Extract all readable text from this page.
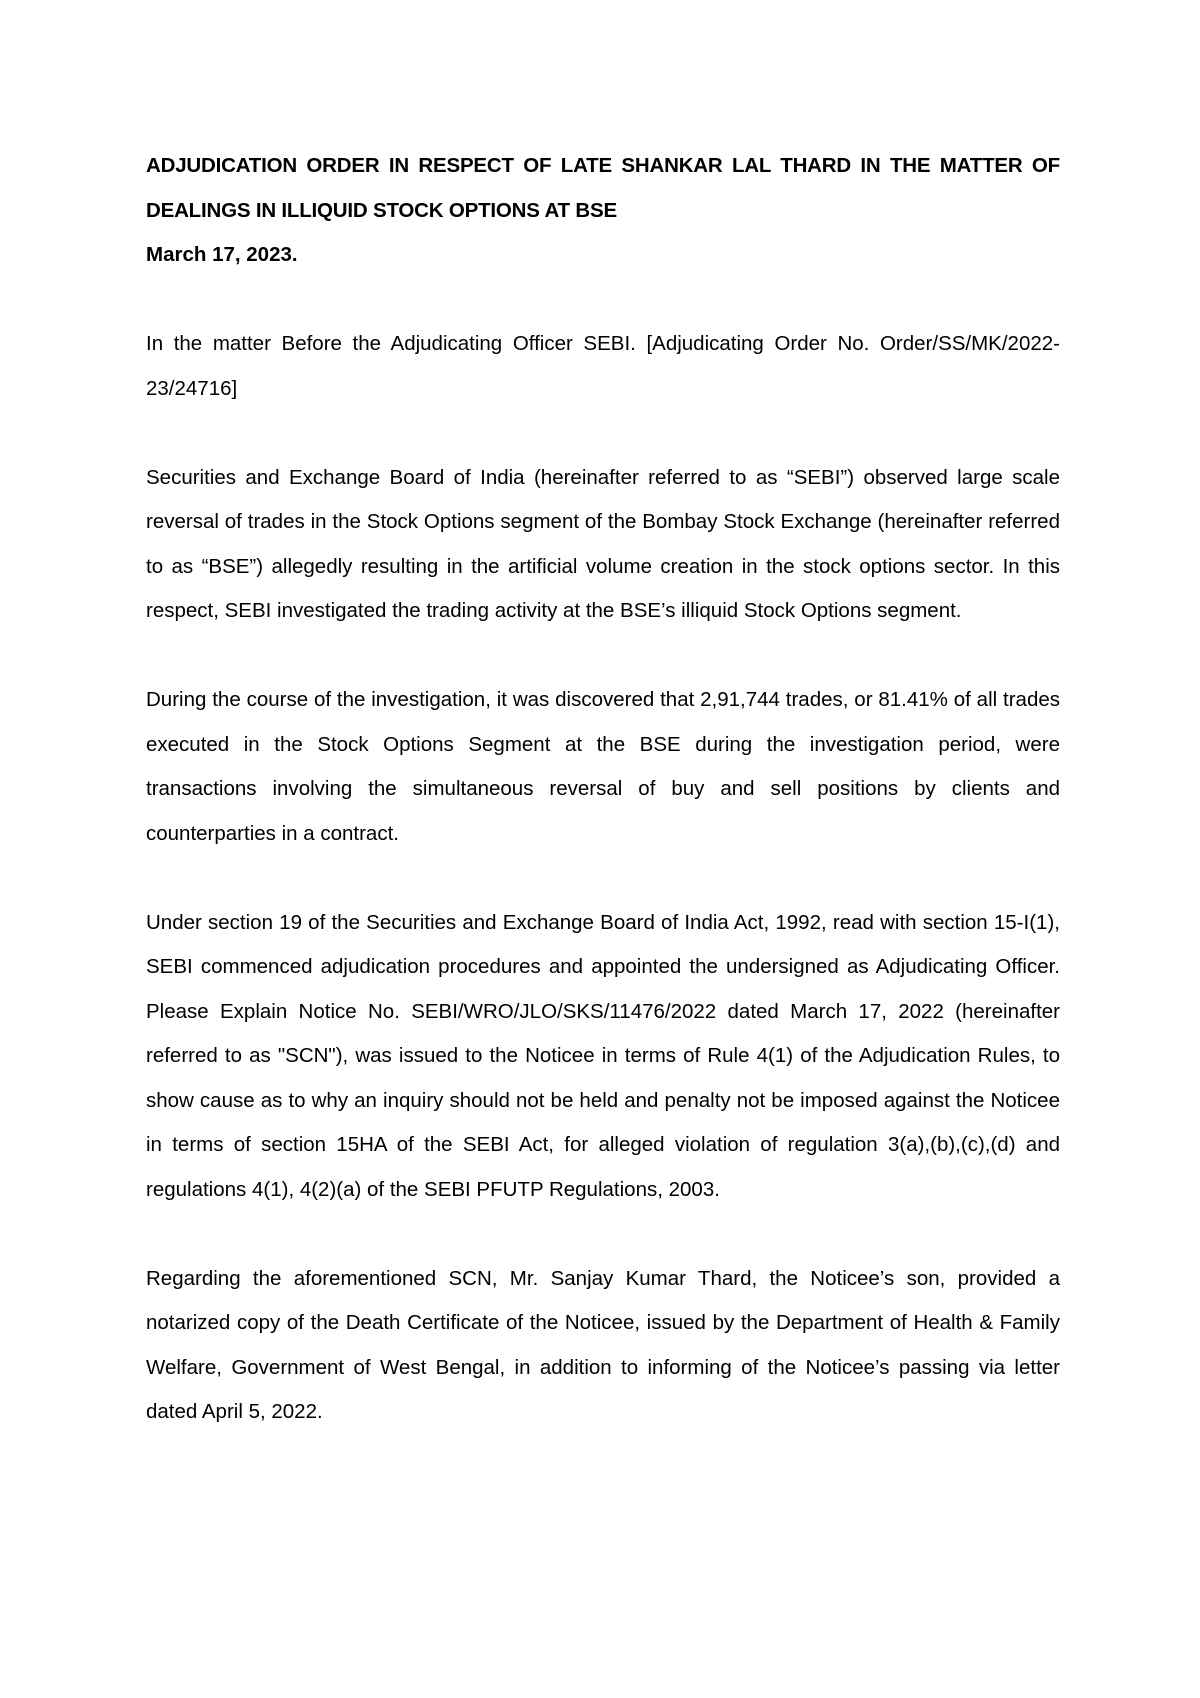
ADJUDICATION ORDER IN RESPECT OF LATE SHANKAR LAL THARD IN THE MATTER OF DEALINGS IN ILLIQUID STOCK OPTIONS AT BSE

March 17, 2023.

In the matter Before the Adjudicating Officer SEBI. [Adjudicating Order No. Order/SS/MK/2022-23/24716]

Securities and Exchange Board of India (hereinafter referred to as “SEBI”) observed large scale reversal of trades in the Stock Options segment of the Bombay Stock Exchange (hereinafter referred to as “BSE”) allegedly resulting in the artificial volume creation in the stock options sector. In this respect, SEBI investigated the trading activity at the BSE’s illiquid Stock Options segment.

During the course of the investigation, it was discovered that 2,91,744 trades, or 81.41% of all trades executed in the Stock Options Segment at the BSE during the investigation period, were transactions involving the simultaneous reversal of buy and sell positions by clients and counterparties in a contract.

Under section 19 of the Securities and Exchange Board of India Act, 1992, read with section 15-I(1), SEBI commenced adjudication procedures and appointed the undersigned as Adjudicating Officer. Please Explain Notice No. SEBI/WRO/JLO/SKS/11476/2022 dated March 17, 2022 (hereinafter referred to as "SCN"), was issued to the Noticee in terms of Rule 4(1) of the Adjudication Rules, to show cause as to why an inquiry should not be held and penalty not be imposed against the Noticee in terms of section 15HA of the SEBI Act, for alleged violation of regulation 3(a),(b),(c),(d) and regulations 4(1), 4(2)(a) of the SEBI PFUTP Regulations, 2003.

Regarding the aforementioned SCN, Mr. Sanjay Kumar Thard, the Noticee’s son, provided a notarized copy of the Death Certificate of the Noticee, issued by the Department of Health & Family Welfare, Government of West Bengal, in addition to informing of the Noticee’s passing via letter dated April 5, 2022.
